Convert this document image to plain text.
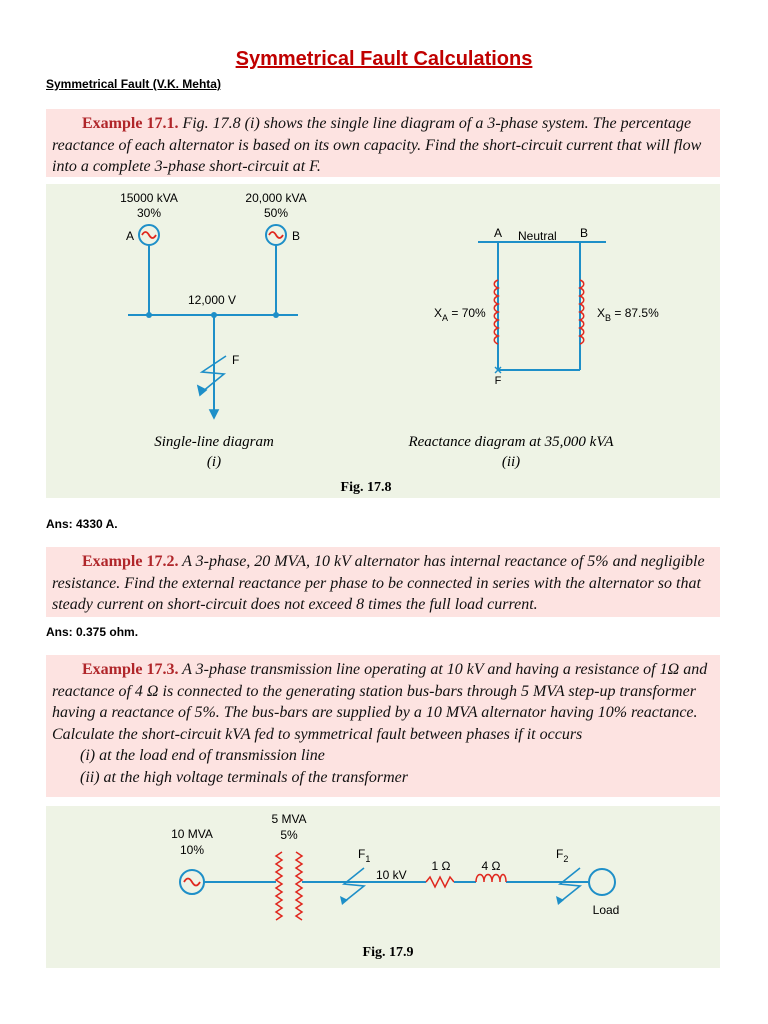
Symmetrical Fault Calculations
Symmetrical Fault (V.K. Mehta)
Example 17.1. Fig. 17.8 (i) shows the single line diagram of a 3-phase system. The percentage reactance of each alternator is based on its own capacity. Find the short-circuit current that will flow into a complete 3-phase short-circuit at F.
15000 kVA
30%
A
20,000 kVA
50%
B
12,000 V
F
A Neutral B
$X_A = 70\%$	$X_B = 87.5\%$
F
Single-line diagram
(i)
Reactance diagram at 35,000 kVA
(ii)
Fig. 17.8
Ans: 4330 A.
Example 17.2. A 3-phase, 20 MVA, 10 kV alternator has internal reactance of 5% and negligible resistance. Find the external reactance per phase to be connected in series with the alternator so that steady current on short-circuit does not exceed 8 times the full load current.
Ans: 0.375 ohm.
Example 17.3. A 3-phase transmission line operating at 10 kV and having a resistance of 1Ω and reactance of 4 Ω is connected to the generating station bus-bars through 5 MVA step-up transformer having a reactance of 5%. The bus-bars are supplied by a 10 MVA alternator having 10% reactance. Calculate the short-circuit kVA fed to symmetrical fault between phases if it occurs
(i) at the load end of transmission line
(ii) at the high voltage terminals of the transformer
10 MVA
10%
5 MVA
5%
$F_1$
10 kV
1 Ω	4 Ω
$F_2$
Load
Fig. 17.9
